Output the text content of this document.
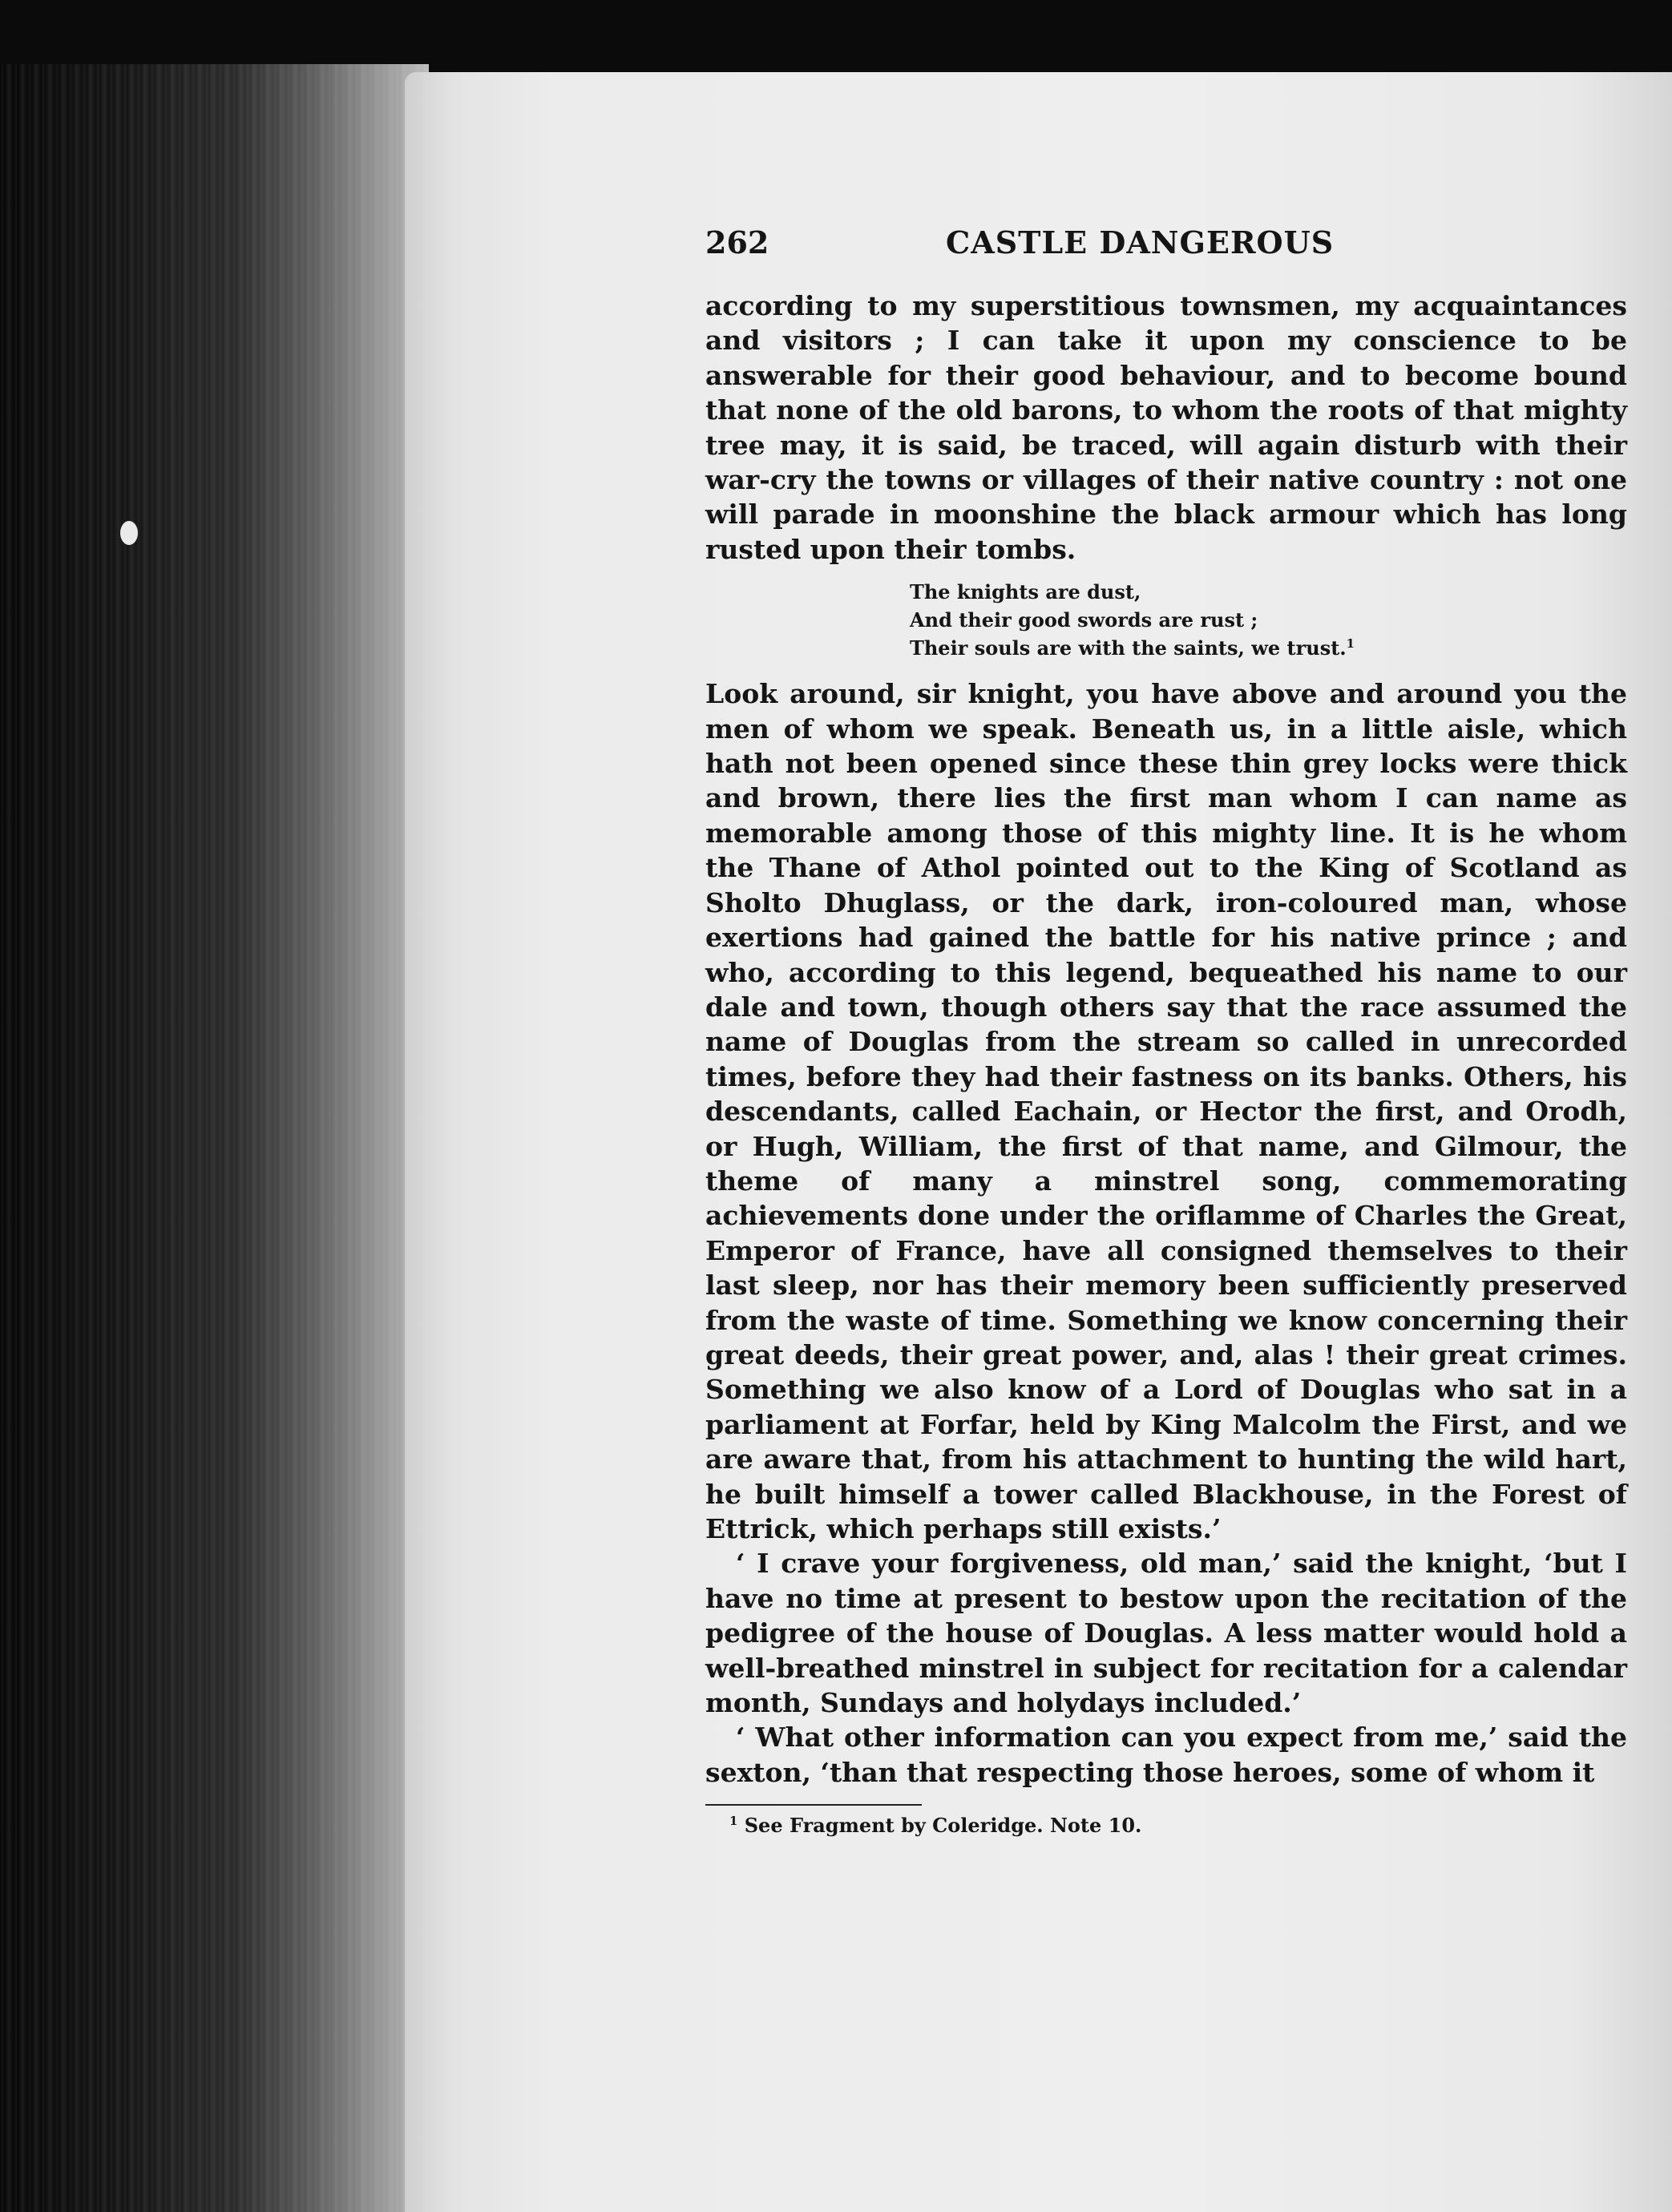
262	CASTLE DANGEROUS

according to my superstitious townsmen, my acquaintances and visitors ; I can take it upon my conscience to be answerable for their good behaviour, and to become bound that none of the old barons, to whom the roots of that mighty tree may, it is said, be traced, will again disturb with their war-cry the towns or villages of their native country : not one will parade in moonshine the black armour which has long rusted upon their tombs.

The knights are dust,
And their good swords are rust ;
Their souls are with the saints, we trust.$^1$

Look around, sir knight, you have above and around you the men of whom we speak. Beneath us, in a little aisle, which hath not been opened since these thin grey locks were thick and brown, there lies the first man whom I can name as memorable among those of this mighty line. It is he whom the Thane of Athol pointed out to the King of Scotland as Sholto Dhuglass, or the dark, iron-coloured man, whose exertions had gained the battle for his native prince ; and who, according to this legend, bequeathed his name to our dale and town, though others say that the race assumed the name of Douglas from the stream so called in unrecorded times, before they had their fastness on its banks. Others, his descendants, called Eachain, or Hector the first, and Orodh, or Hugh, William, the first of that name, and Gilmour, the theme of many a minstrel song, commemorating achievements done under the oriflamme of Charles the Great, Emperor of France, have all consigned themselves to their last sleep, nor has their memory been sufficiently preserved from the waste of time. Something we know concerning their great deeds, their great power, and, alas ! their great crimes. Something we also know of a Lord of Douglas who sat in a parliament at Forfar, held by King Malcolm the First, and we are aware that, from his attachment to hunting the wild hart, he built himself a tower called Blackhouse, in the Forest of Ettrick, which perhaps still exists.’

‘ I crave your forgiveness, old man,’ said the knight, ‘but I have no time at present to bestow upon the recitation of the pedigree of the house of Douglas. A less matter would hold a well-breathed minstrel in subject for recitation for a calendar month, Sundays and holydays included.’

‘ What other information can you expect from me,’ said the sexton, ‘than that respecting those heroes, some of whom it

$^1$ See Fragment by Coleridge. Note 10.
